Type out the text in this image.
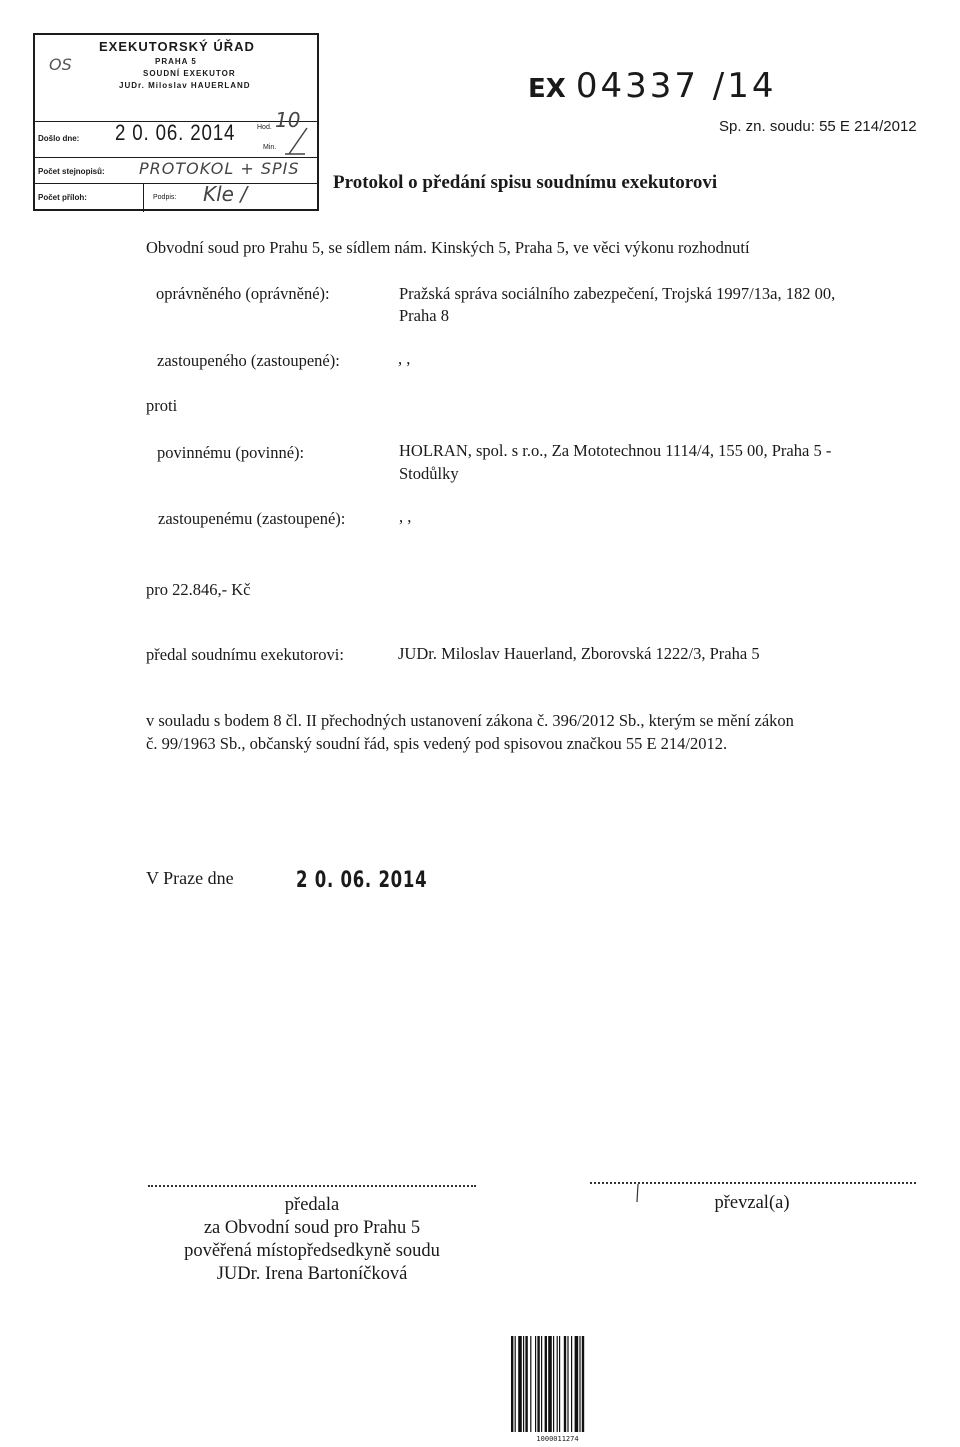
EXEKUTORSKÝ ÚŘAD
PRAHA 5
SOUDNÍ EXEKUTOR
JUDr. Miloslav HAUERLAND
OS
Došlo dne: 2 0. 06. 2014	Hod. 10
Min.
Počet stejnopisů: PROTOKOL + SPIS
Počet příloh:	Podpis: Kle /
EX 04337 /14
Sp. zn. soudu: 55 E 214/2012
Protokol o předání spisu soudnímu exekutorovi
Obvodní soud pro Prahu 5, se sídlem nám. Kinských 5, Praha 5, ve věci výkonu rozhodnutí
oprávněného (oprávněné):	Pražská správa sociálního zabezpečení, Trojská 1997/13a, 182 00,
Praha 8
zastoupeného (zastoupené):	, ,
proti
povinnému (povinné):	HOLRAN, spol. s r.o., Za Mototechnou 1114/4, 155 00, Praha 5 -
Stodůlky
zastoupenému (zastoupené):	, ,
pro 22.846,- Kč
předal soudnímu exekutorovi:	JUDr. Miloslav Hauerland, Zborovská 1222/3, Praha 5
v souladu s bodem 8 čl. II přechodných ustanovení zákona č. 396/2012 Sb., kterým se mění zákon
č. 99/1963 Sb., občanský soudní řád, spis vedený pod spisovou značkou 55 E 214/2012.
V Praze dne	2 0. 06. 2014
předala
za Obvodní soud pro Prahu 5
pověřená místopředsedkyně soudu
JUDr. Irena Bartoníčková
převzal(a)
1000011274
